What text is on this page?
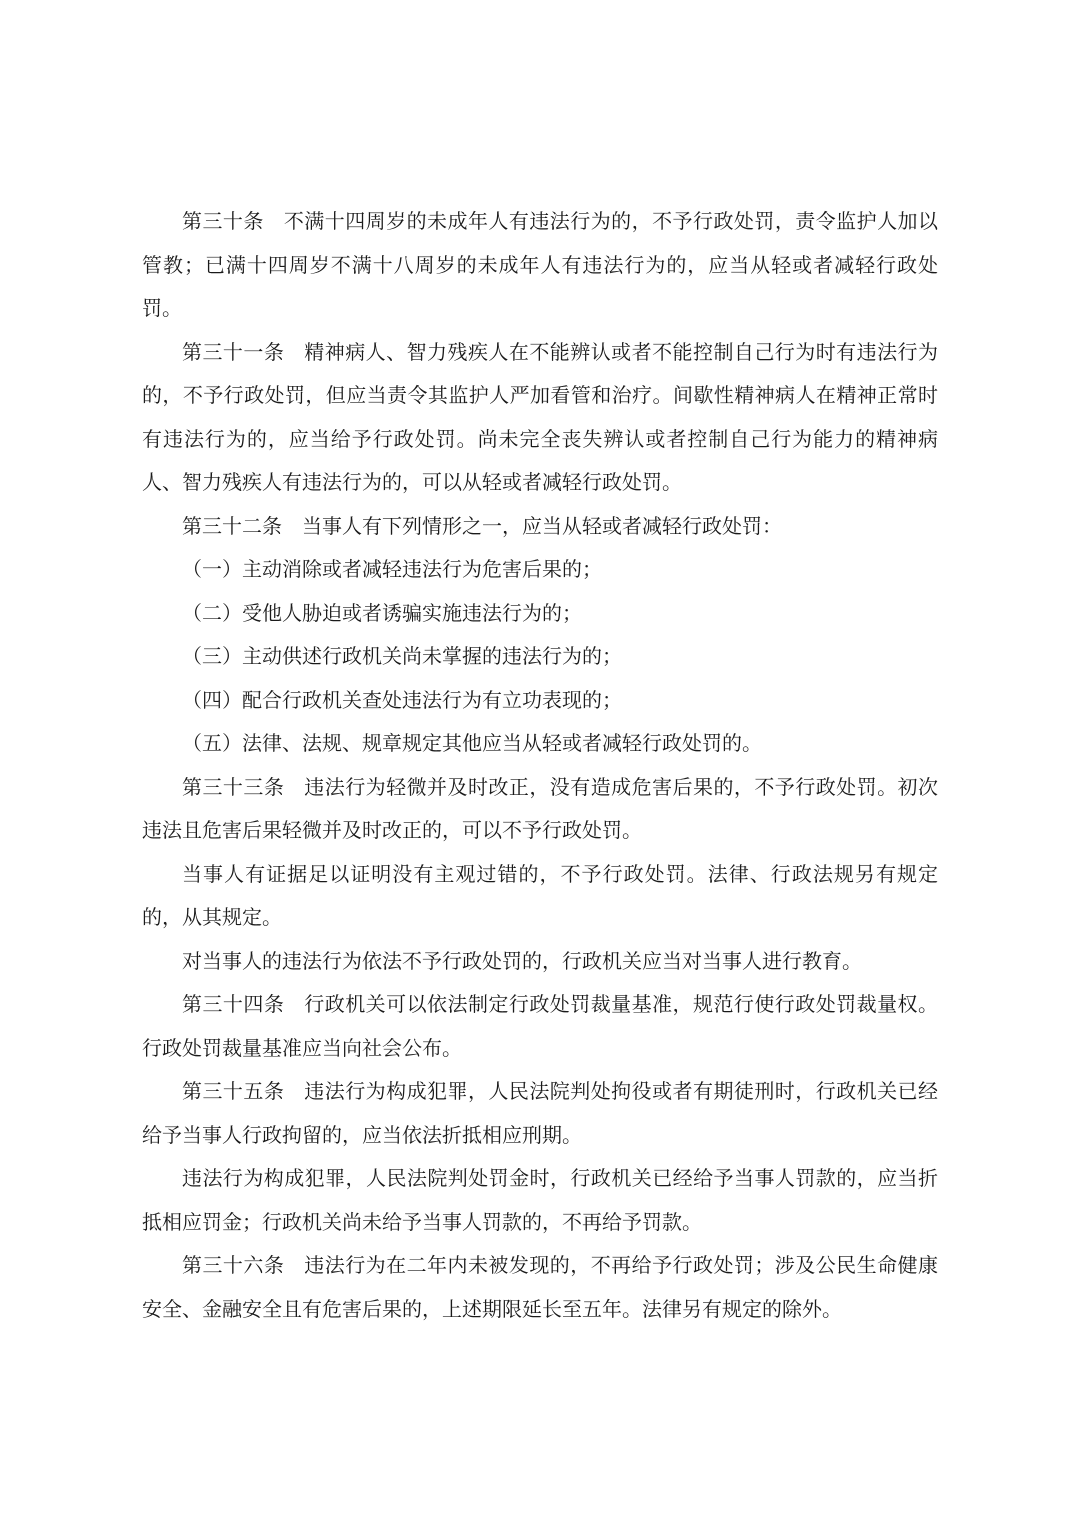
第三十条 不满十四周岁的未成年人有违法行为的，不予行政处罚，责令监护人加以管教；已满十四周岁不满十八周岁的未成年人有违法行为的，应当从轻或者减轻行政处罚。

第三十一条 精神病人、智力残疾人在不能辨认或者不能控制自己行为时有违法行为的，不予行政处罚，但应当责令其监护人严加看管和治疗。间歇性精神病人在精神正常时有违法行为的，应当给予行政处罚。尚未完全丧失辨认或者控制自己行为能力的精神病人、智力残疾人有违法行为的，可以从轻或者减轻行政处罚。

第三十二条 当事人有下列情形之一，应当从轻或者减轻行政处罚：

（一）主动消除或者减轻违法行为危害后果的；

（二）受他人胁迫或者诱骗实施违法行为的；

（三）主动供述行政机关尚未掌握的违法行为的；

（四）配合行政机关查处违法行为有立功表现的；

（五）法律、法规、规章规定其他应当从轻或者减轻行政处罚的。

第三十三条 违法行为轻微并及时改正，没有造成危害后果的，不予行政处罚。初次违法且危害后果轻微并及时改正的，可以不予行政处罚。

当事人有证据足以证明没有主观过错的，不予行政处罚。法律、行政法规另有规定的，从其规定。

对当事人的违法行为依法不予行政处罚的，行政机关应当对当事人进行教育。

第三十四条 行政机关可以依法制定行政处罚裁量基准，规范行使行政处罚裁量权。行政处罚裁量基准应当向社会公布。

第三十五条 违法行为构成犯罪，人民法院判处拘役或者有期徒刑时，行政机关已经给予当事人行政拘留的，应当依法折抵相应刑期。

违法行为构成犯罪，人民法院判处罚金时，行政机关已经给予当事人罚款的，应当折抵相应罚金；行政机关尚未给予当事人罚款的，不再给予罚款。

第三十六条 违法行为在二年内未被发现的，不再给予行政处罚；涉及公民生命健康安全、金融安全且有危害后果的，上述期限延长至五年。法律另有规定的除外。
